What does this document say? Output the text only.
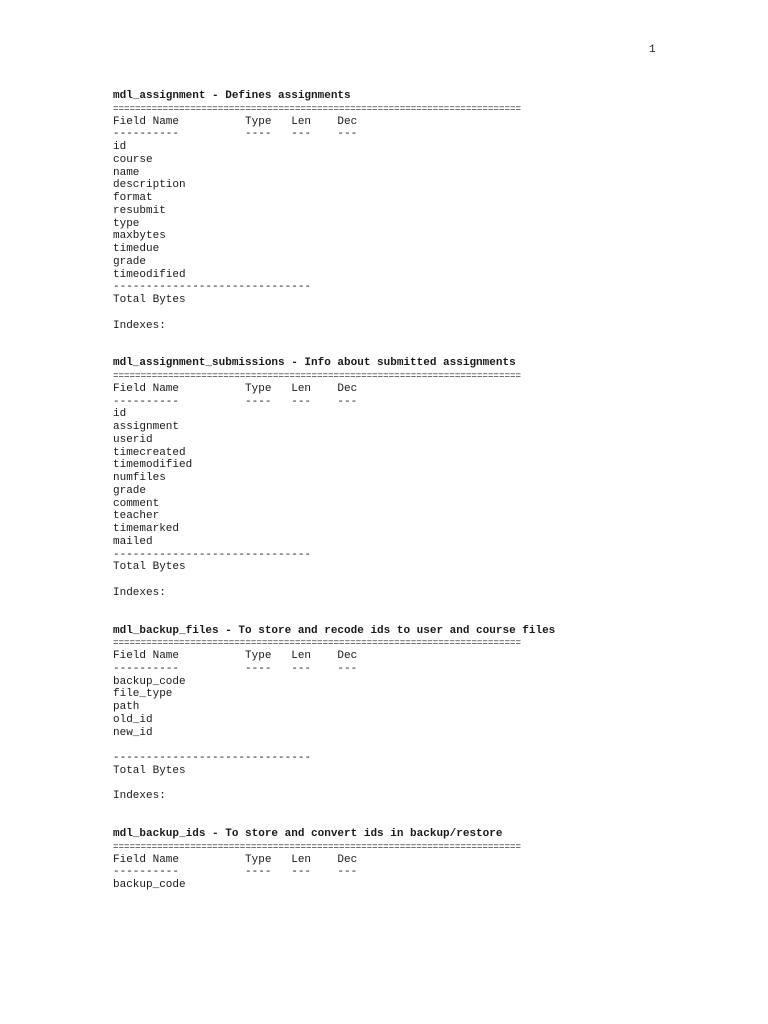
1
mdl_assignment - Defines assignments
==========================================================================
Field Name          Type   Len    Dec
----------          ----   ---    ---
id
course
name
description
format
resubmit
type
maxbytes
timedue
grade
timeodified
------------------------------
Total Bytes
Indexes:
mdl_assignment_submissions - Info about submitted assignments
==========================================================================
Field Name          Type   Len    Dec
----------          ----   ---    ---
id
assignment
userid
timecreated
timemodified
numfiles
grade
comment
teacher
timemarked
mailed
------------------------------
Total Bytes
Indexes:
mdl_backup_files - To store and recode ids to user and course files
==========================================================================
Field Name          Type   Len    Dec
----------          ----   ---    ---
backup_code
file_type
path
old_id
new_id
------------------------------
Total Bytes
Indexes:
mdl_backup_ids - To store and convert ids in backup/restore
==========================================================================
Field Name          Type   Len    Dec
----------          ----   ---    ---
backup_code
